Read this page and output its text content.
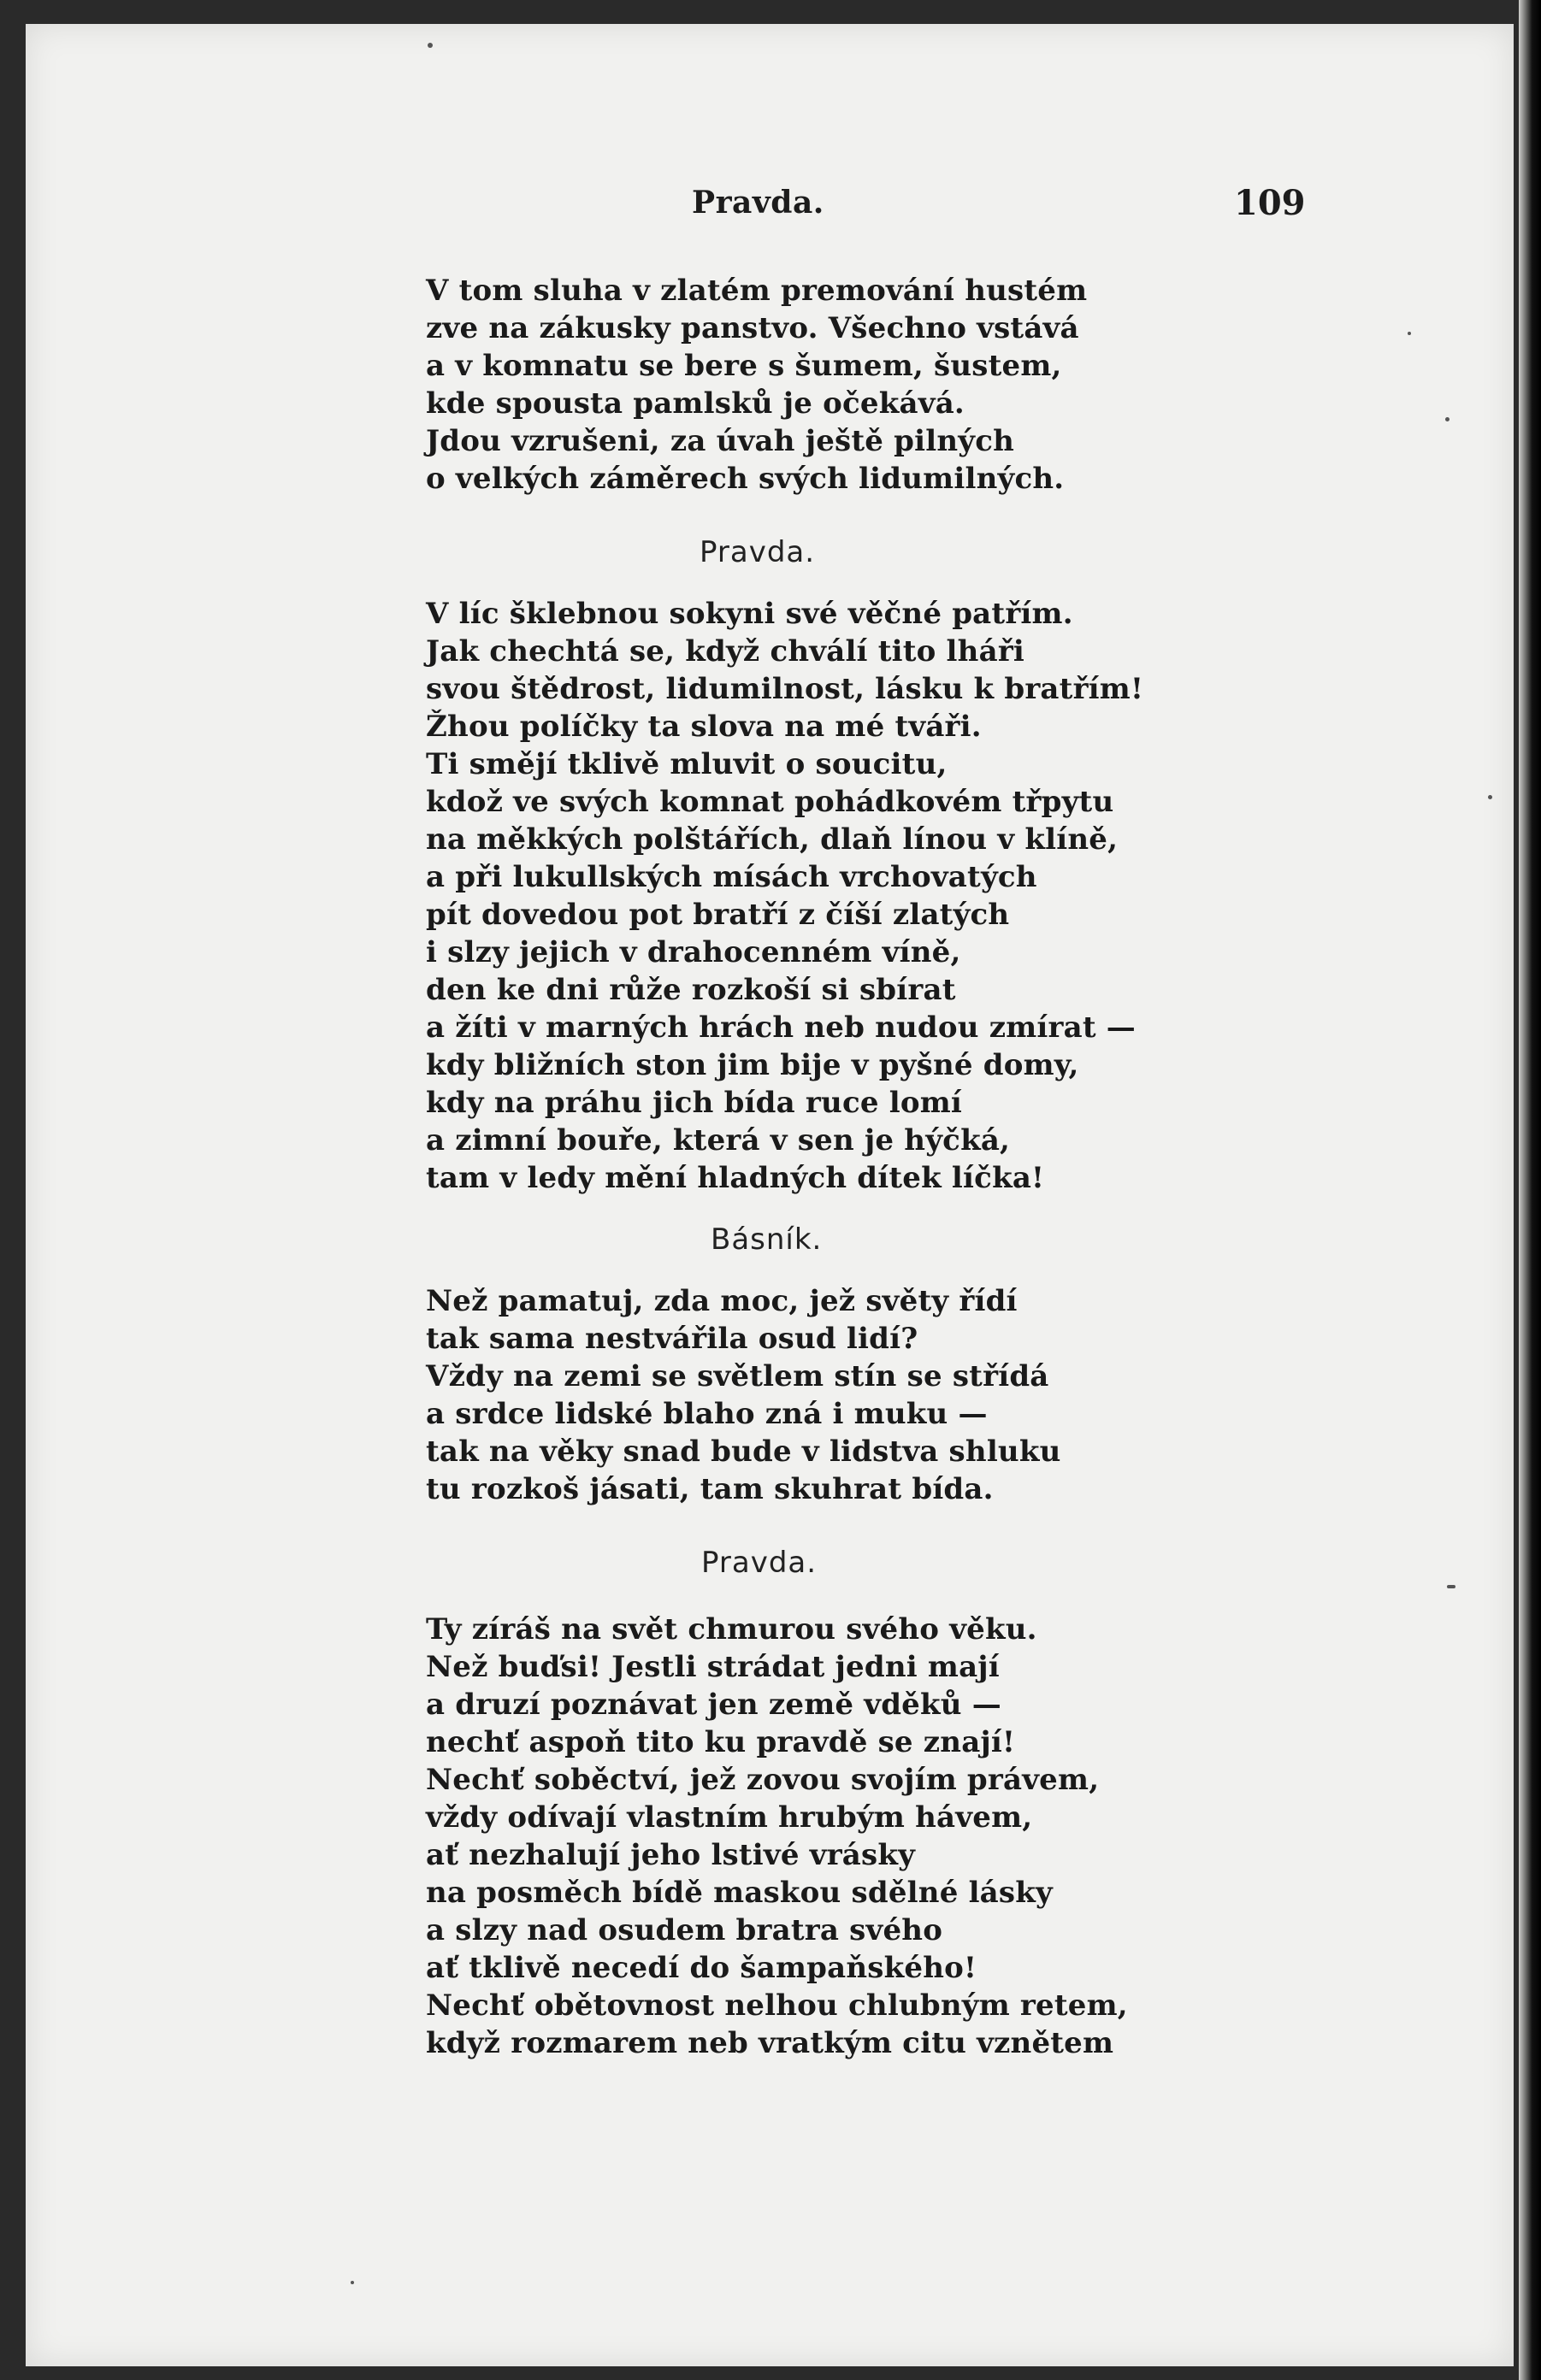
Pravda.	109
V tom sluha v zlatém premování hustém
zve na zákusky panstvo. Všechno vstává
a v komnatu se bere s šumem, šustem,
kde spousta pamlsků je očekává.
Jdou vzrušeni, za úvah ještě pilných
o velkých záměrech svých lidumilných.
Pravda.
V líc šklebnou sokyni své věčné patřím.
Jak chechtá se, když chválí tito lháři
svou štědrost, lidumilnost, lásku k bratřím!
Žhou políčky ta slova na mé tváři.
Ti smějí tklivě mluvit o soucitu,
kdož ve svých komnat pohádkovém třpytu
na měkkých polštářích, dlaň línou v klíně,
a při lukullských mísách vrchovatých
pít dovedou pot bratří z číší zlatých
i slzy jejich v drahocenném víně,
den ke dni růže rozkoší si sbírat
a žíti v marných hrách neb nudou zmírat —
kdy bližních ston jim bije v pyšné domy,
kdy na práhu jich bída ruce lomí
a zimní bouře, která v sen je hýčká,
tam v ledy mění hladných dítek líčka!
Básník.
Než pamatuj, zda moc, jež světy řídí
tak sama nestvářila osud lidí?
Vždy na zemi se světlem stín se střídá
a srdce lidské blaho zná i muku —
tak na věky snad bude v lidstva shluku
tu rozkoš jásati, tam skuhrat bída.
Pravda.
Ty zíráš na svět chmurou svého věku.
Než buďsi! Jestli strádat jedni mají
a druzí poznávat jen země vděků —
nechť aspoň tito ku pravdě se znají!
Nechť soběctví, jež zovou svojím právem,
vždy odívají vlastním hrubým hávem,
ať nezhalují jeho lstivé vrásky
na posměch bídě maskou sdělné lásky
a slzy nad osudem bratra svého
ať tklivě necedí do šampaňského!
Nechť obětovnost nelhou chlubným retem,
když rozmarem neb vratkým citu vznětem
